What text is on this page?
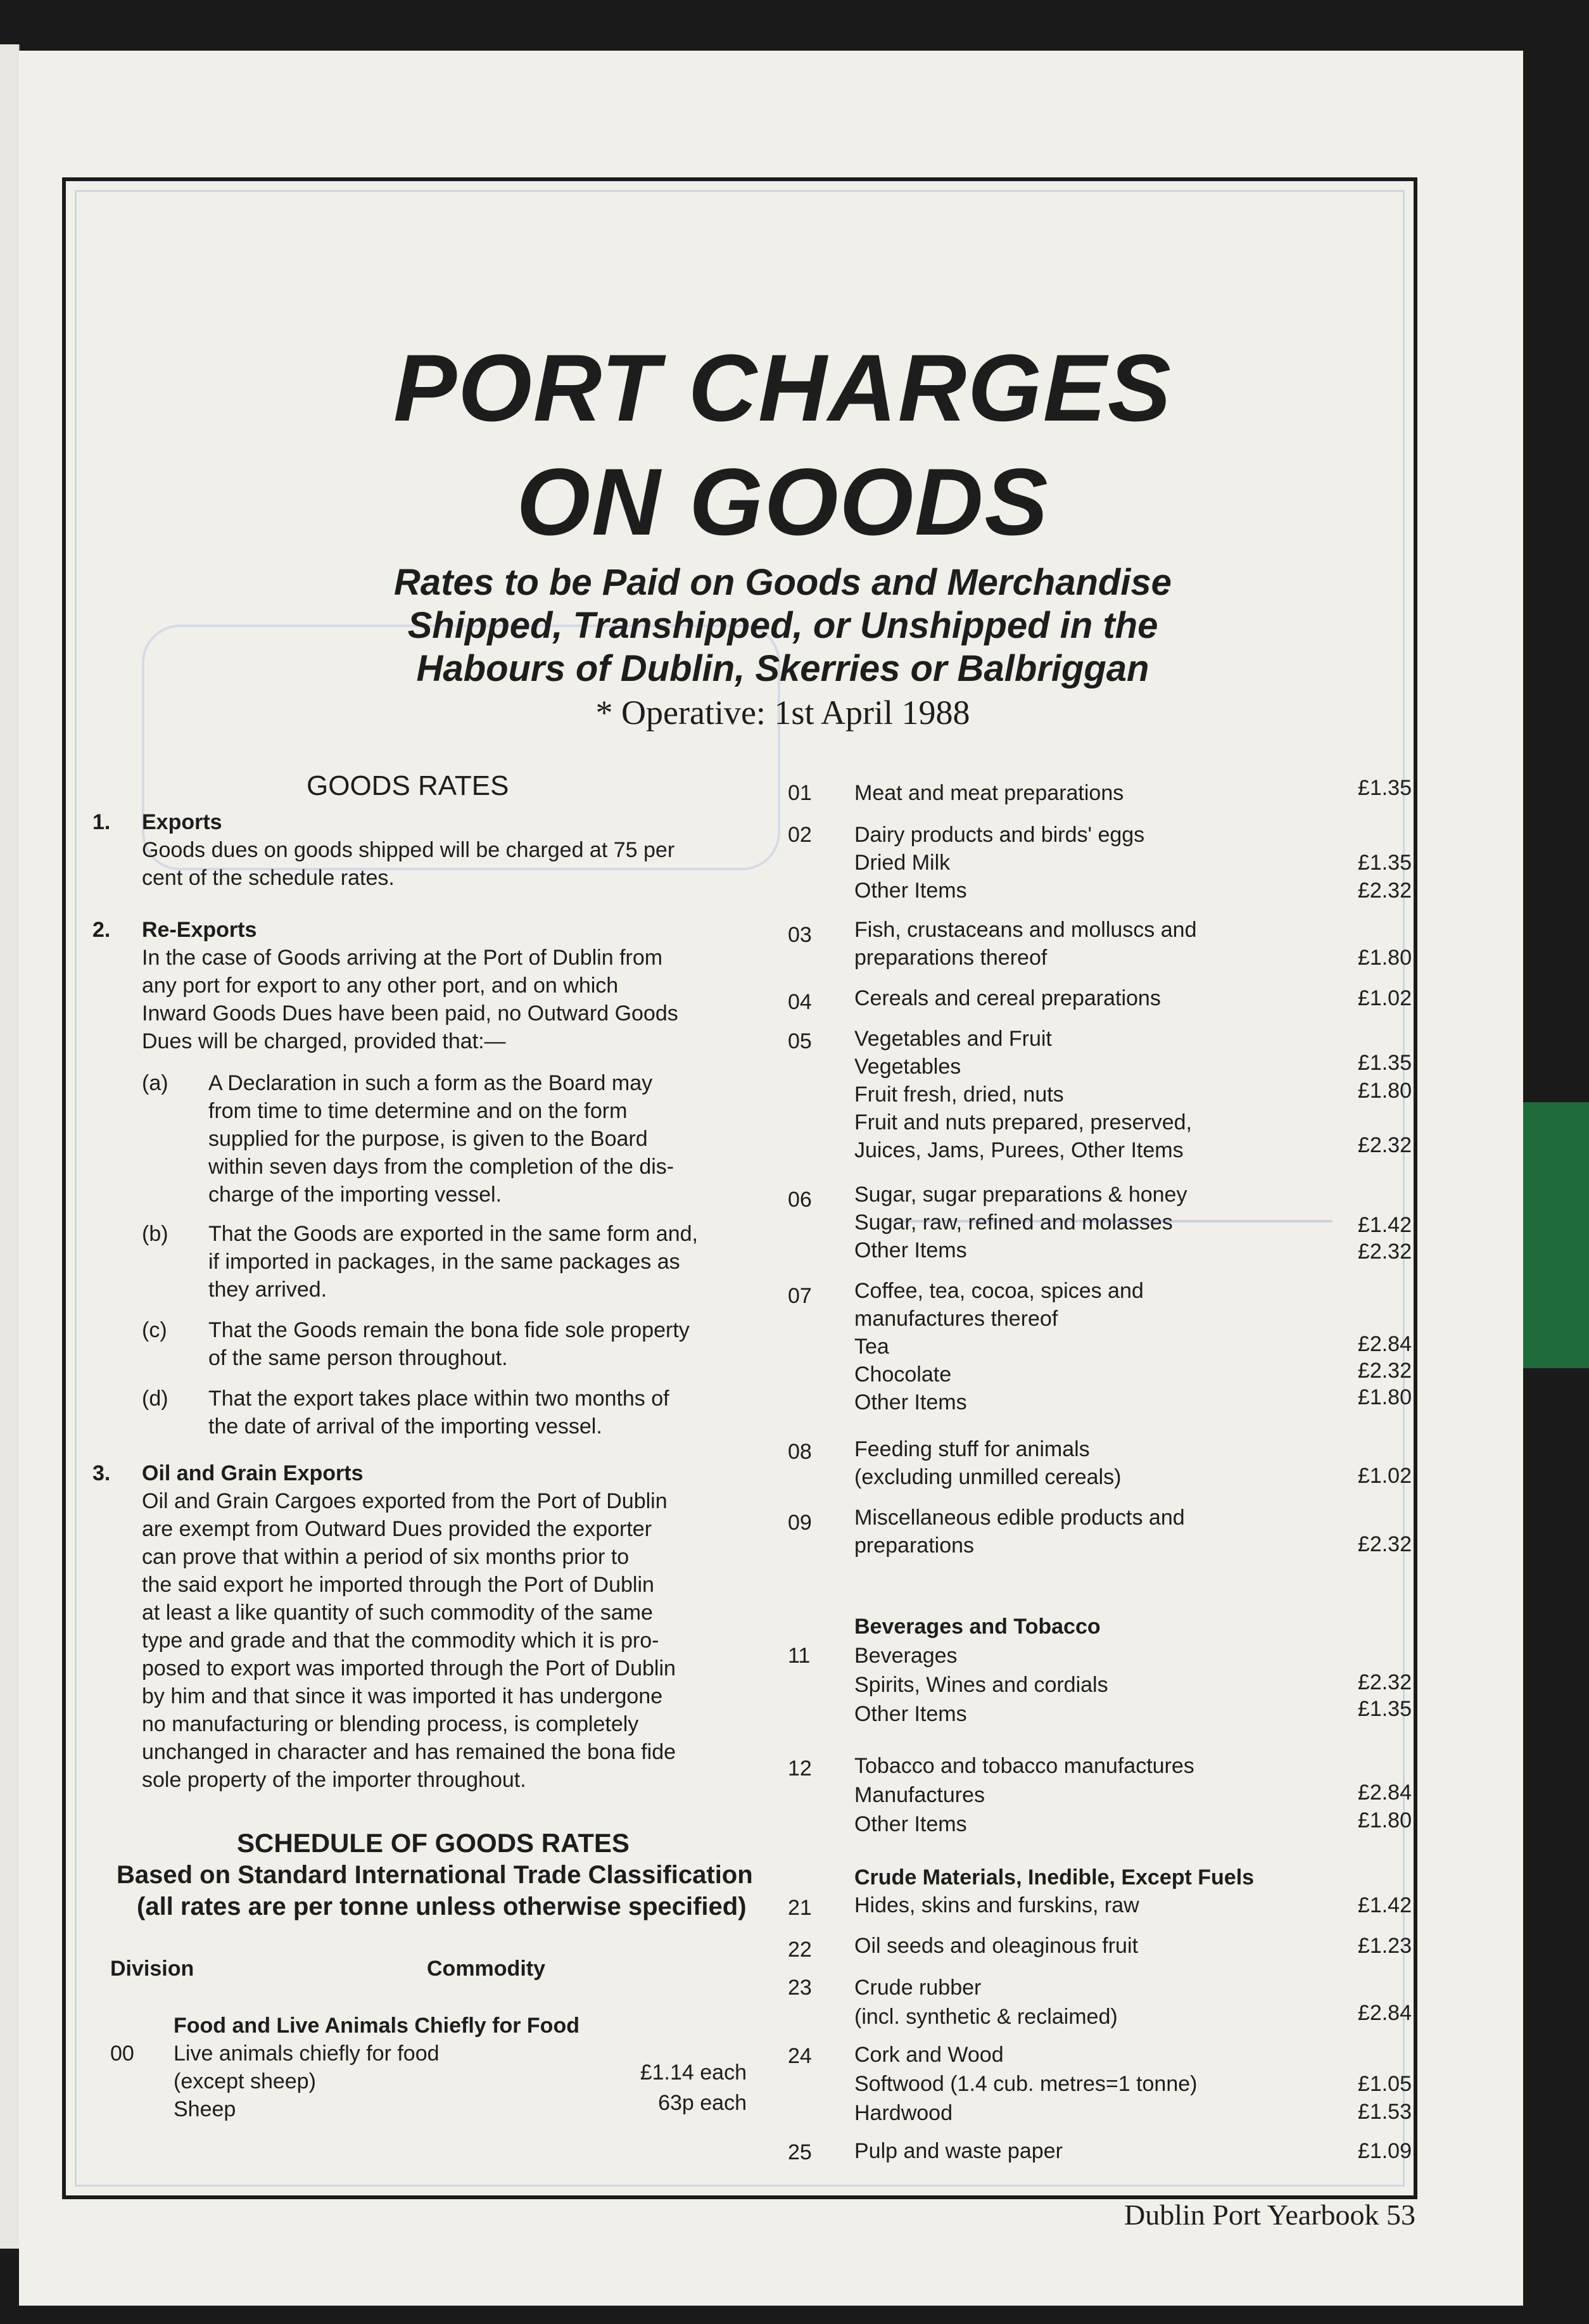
⠀
PORT CHARGES
ON GOODS
Rates to be Paid on Goods and Merchandise
Shipped, Transhipped, or Unshipped in the
Habours of Dublin, Skerries or Balbriggan
* Operative: 1st April 1988
GOODS RATES
1. Exports
Goods dues on goods shipped will be charged at 75 per
cent of the schedule rates.
2. Re-Exports
In the case of Goods arriving at the Port of Dublin from
any port for export to any other port, and on which
Inward Goods Dues have been paid, no Outward Goods
Dues will be charged, provided that:—
(a) A Declaration in such a form as the Board may
from time to time determine and on the form
supplied for the purpose, is given to the Board
within seven days from the completion of the dis-
charge of the importing vessel.
(b) That the Goods are exported in the same form and,
if imported in packages, in the same packages as
they arrived.
(c) That the Goods remain the bona fide sole property
of the same person throughout.
(d) That the export takes place within two months of
the date of arrival of the importing vessel.
3. Oil and Grain Exports
Oil and Grain Cargoes exported from the Port of Dublin
are exempt from Outward Dues provided the exporter
can prove that within a period of six months prior to
the said export he imported through the Port of Dublin
at least a like quantity of such commodity of the same
type and grade and that the commodity which it is pro-
posed to export was imported through the Port of Dublin
by him and that since it was imported it has undergone
no manufacturing or blending process, is completely
unchanged in character and has remained the bona fide
sole property of the importer throughout.
SCHEDULE OF GOODS RATES
Based on Standard International Trade Classification
(all rates are per tonne unless otherwise specified)
Division	Commodity
Food and Live Animals Chiefly for Food
00 Live animals chiefly for food
(except sheep)	£1.14 each
Sheep	63p each
01 Meat and meat preparations	£1.35
02 Dairy products and birds' eggs
Dried Milk	£1.35
Other Items	£2.32
03 Fish, crustaceans and molluscs and
preparations thereof	£1.80
04 Cereals and cereal preparations	£1.02
05 Vegetables and Fruit
Vegetables	£1.35
Fruit fresh, dried, nuts	£1.80
Fruit and nuts prepared, preserved,
Juices, Jams, Purees, Other Items	£2.32
06 Sugar, sugar preparations & honey
Sugar, raw, refined and molasses	£1.42
Other Items	£2.32
07 Coffee, tea, cocoa, spices and
manufactures thereof
Tea	£2.84
Chocolate	£2.32
Other Items	£1.80
08 Feeding stuff for animals
(excluding unmilled cereals)	£1.02
09 Miscellaneous edible products and
preparations	£2.32
Beverages and Tobacco
11 Beverages
Spirits, Wines and cordials	£2.32
Other Items	£1.35
12 Tobacco and tobacco manufactures
Manufactures	£2.84
Other Items	£1.80
Crude Materials, Inedible, Except Fuels
21 Hides, skins and furskins, raw	£1.42
22 Oil seeds and oleaginous fruit	£1.23
23 Crude rubber
(incl. synthetic & reclaimed)	£2.84
24 Cork and Wood
Softwood (1.4 cub. metres=1 tonne)	£1.05
Hardwood	£1.53
25 Pulp and waste paper	£1.09
Dublin Port Yearbook 53
